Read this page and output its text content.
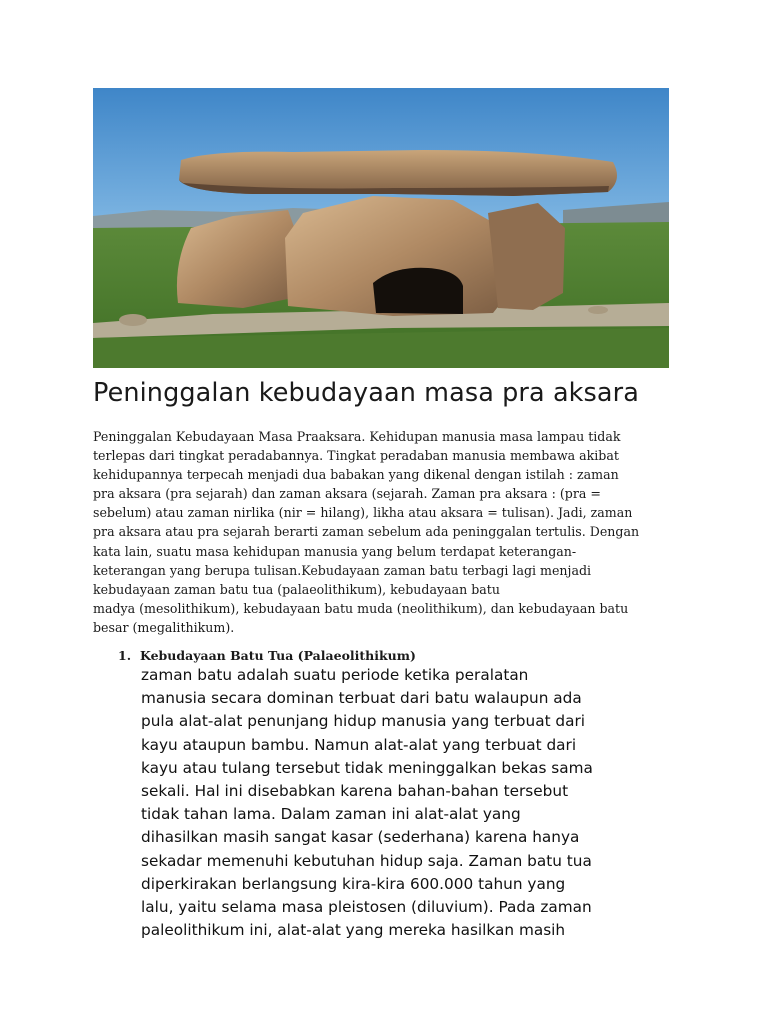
Peninggalan kebudayaan masa pra aksara
Peninggalan Kebudayaan Masa Praaksara. Kehidupan manusia masa lampau tidak
terlepas dari tingkat peradabannya. Tingkat peradaban manusia membawa akibat
kehidupannya terpecah menjadi dua babakan yang dikenal dengan istilah : zaman
pra aksara (pra sejarah) dan zaman aksara (sejarah. Zaman pra aksara : (pra =
sebelum) atau zaman nirlika (nir = hilang), likha atau aksara = tulisan). Jadi, zaman
pra aksara atau pra sejarah berarti zaman sebelum ada peninggalan tertulis. Dengan
kata lain, suatu masa kehidupan manusia yang belum terdapat keterangan-
keterangan yang berupa tulisan.Kebudayaan zaman batu terbagi lagi menjadi
kebudayaan zaman batu tua (palaeolithikum), kebudayaan batu
madya (mesolithikum), kebudayaan batu muda (neolithikum), dan kebudayaan batu
besar (megalithikum).
1. Kebudayaan Batu Tua (Palaeolithikum)
zaman batu adalah suatu periode ketika peralatan
manusia secara dominan terbuat dari batu walaupun ada
pula alat-alat penunjang hidup manusia yang terbuat dari
kayu ataupun bambu. Namun alat-alat yang terbuat dari
kayu atau tulang tersebut tidak meninggalkan bekas sama
sekali. Hal ini disebabkan karena bahan-bahan tersebut
tidak tahan lama. Dalam zaman ini alat-alat yang
dihasilkan masih sangat kasar (sederhana) karena hanya
sekadar memenuhi kebutuhan hidup saja. Zaman batu tua
diperkirakan berlangsung kira-kira 600.000 tahun yang
lalu, yaitu selama masa pleistosen (diluvium). Pada zaman
paleolithikum ini, alat-alat yang mereka hasilkan masih
